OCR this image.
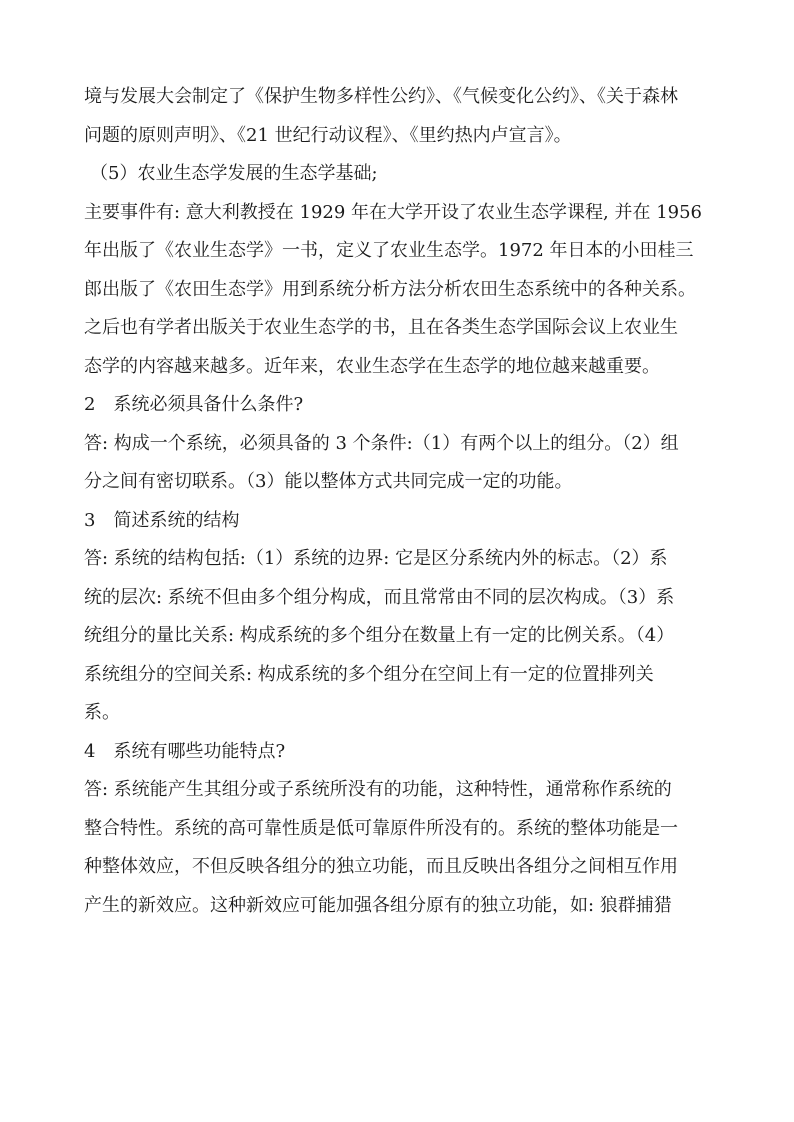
境与发展大会制定了《保护生物多样性公约》、《气候变化公约》、《关于森林
问题的原则声明》、《21 世纪行动议程》、《里约热内卢宣言》。
（5）农业生态学发展的生态学基础;
主要事件有: 意大利教授在 1929 年在大学开设了农业生态学课程, 并在 1956
年出版了《农业生态学》一书，定义了农业生态学。1972 年日本的小田桂三
郎出版了《农田生态学》用到系统分析方法分析农田生态系统中的各种关系。
之后也有学者出版关于农业生态学的书，且在各类生态学国际会议上农业生
态学的内容越来越多。近年来，农业生态学在生态学的地位越来越重要。
2　系统必须具备什么条件?
答: 构成一个系统，必须具备的 3 个条件:（1）有两个以上的组分。（2）组
分之间有密切联系。（3）能以整体方式共同完成一定的功能。
3　简述系统的结构
答: 系统的结构包括:（1）系统的边界: 它是区分系统内外的标志。（2）系
统的层次: 系统不但由多个组分构成，而且常常由不同的层次构成。（3）系
统组分的量比关系: 构成系统的多个组分在数量上有一定的比例关系。（4）
系统组分的空间关系: 构成系统的多个组分在空间上有一定的位置排列关
系。
4　系统有哪些功能特点?
答: 系统能产生其组分或子系统所没有的功能，这种特性，通常称作系统的
整合特性。系统的高可靠性质是低可靠原件所没有的。系统的整体功能是一
种整体效应，不但反映各组分的独立功能，而且反映出各组分之间相互作用
产生的新效应。这种新效应可能加强各组分原有的独立功能，如: 狼群捕猎
